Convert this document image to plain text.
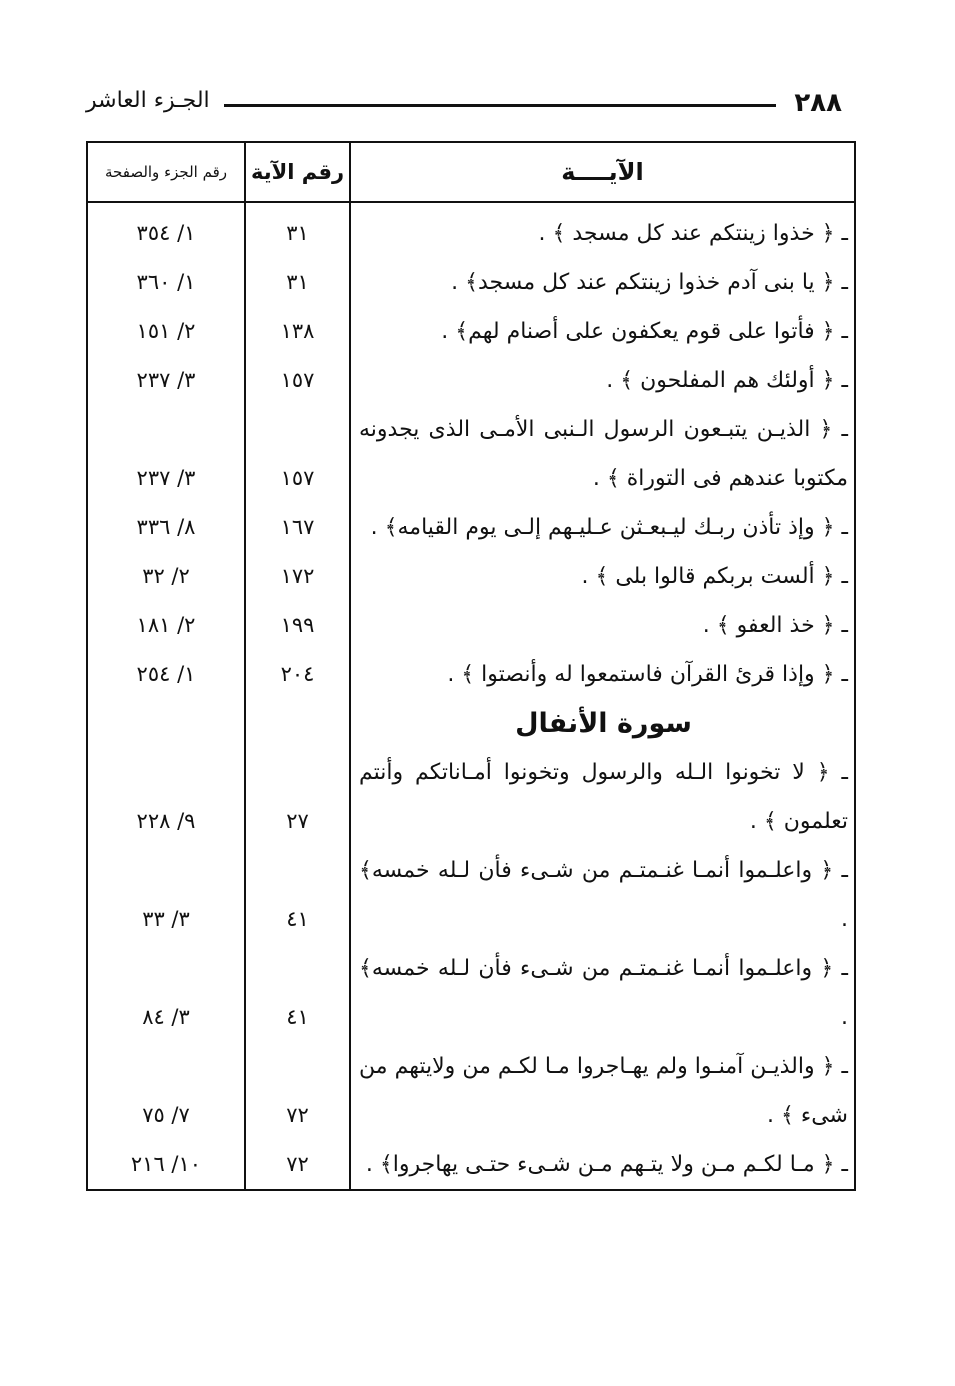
٢٨٨
الجـزء العاشر
الآيــــة	رقم الآية	رقم الجزء والصفحة
ـ ﴿ خذوا زينتكم عند كل مسجد ﴾ .	٣١	١/ ٣٥٤
ـ ﴿ يا بنى آدم خذوا زينتكم عند كل مسجد﴾ .	٣١	١/ ٣٦٠
ـ ﴿ فأتوا على قوم يعكفون على أصنام لهم﴾ .	١٣٨	٢/ ١٥١
ـ ﴿ أولئك هم المفلحون ﴾ .	١٥٧	٣/ ٢٣٧
ـ ﴿ الذيـن يتبـعون الرسول الـنبى الأمـى الذى يجدونه مكتوبا عندهم فى التوراة ﴾ .	١٥٧	٣/ ٢٣٧
ـ ﴿ وإذ تأذن ربـك ليـبعـثن عـليـهم إلـى يوم القيامه﴾ .	١٦٧	٨/ ٣٣٦
ـ ﴿ ألست بربكم قالوا بلى ﴾ .	١٧٢	٢/ ٣٢
ـ ﴿ خذ العفو ﴾ .	١٩٩	٢/ ١٨١
ـ ﴿ وإذا قرئ القرآن فاستمعوا له وأنصتوا ﴾ .	٢٠٤	١/ ٢٥٤
سورة الأنفال		
ـ ﴿ لا تخونوا الـله والرسول وتخونوا أمـاناتكم وأنتم تعلمون ﴾ .	٢٧	٩/ ٢٢٨
ـ ﴿ واعلـموا أنمـا غنـمتـم من شـىء فأن لـله خمسه﴾ .	٤١	٣/ ٣٣
ـ ﴿ واعلـموا أنمـا غنـمتـم من شـىء فأن لـله خمسه﴾ .	٤١	٣/ ٨٤
ـ ﴿ والذيـن آمنـوا ولم يهـاجروا مـا لكـم من ولايتهم من شىء ﴾ .	٧٢	٧/ ٧٥
ـ ﴿ مـا لكـم مـن ولا يتـهم مـن شـىء حتـى يهاجروا﴾ .	٧٢	١٠/ ٢١٦
